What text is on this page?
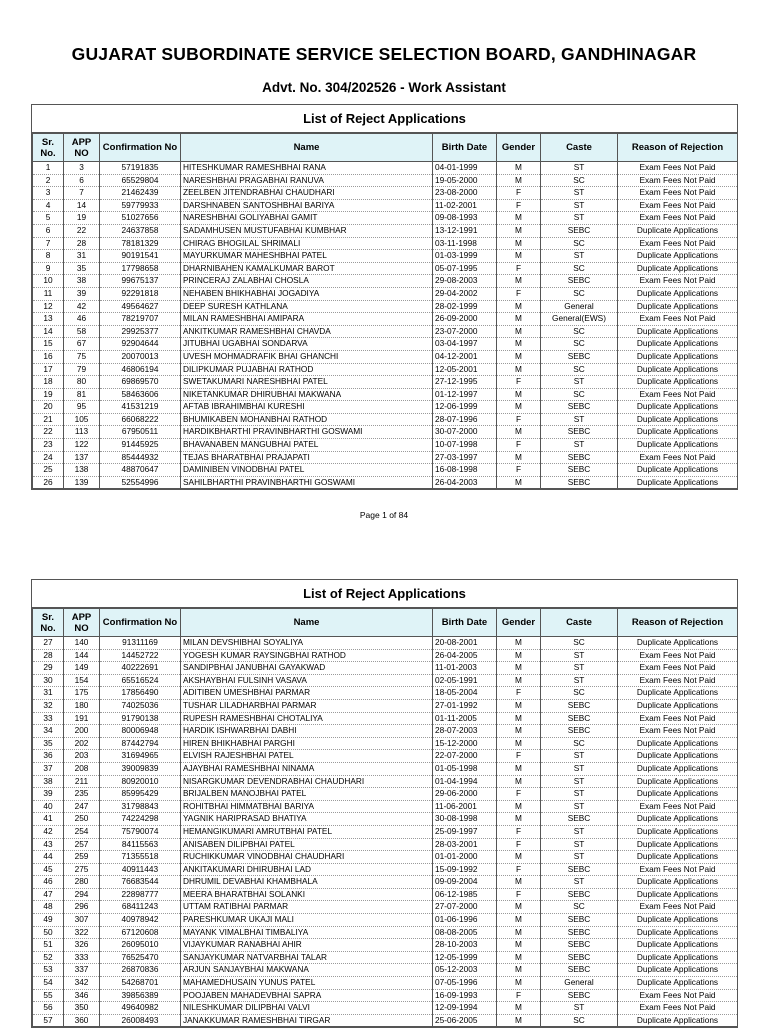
GUJARAT SUBORDINATE SERVICE SELECTION BOARD, GANDHINAGAR
Advt. No. 304/202526 - Work Assistant
List of Reject Applications
Sr. No.	APP NO	Confirmation No	Name	Birth Date	Gender	Caste	Reason of Rejection
1	3	57191835	HITESHKUMAR RAMESHBHAI RANA	04-01-1999	M	ST	Exam Fees Not Paid
2	6	65529804	NARESHBHAI PRAGABHAI RANUVA	19-05-2000	M	SC	Exam Fees Not Paid
3	7	21462439	ZEELBEN JITENDRABHAI CHAUDHARI	23-08-2000	F	ST	Exam Fees Not Paid
4	14	59779933	DARSHNABEN SANTOSHBHAI BARIYA	11-02-2001	F	ST	Exam Fees Not Paid
5	19	51027656	NARESHBHAI GOLIYABHAI GAMIT	09-08-1993	M	ST	Exam Fees Not Paid
6	22	24637858	SADAMHUSEN MUSTUFABHAI KUMBHAR	13-12-1991	M	SEBC	Duplicate Applications
7	28	78181329	CHIRAG BHOGILAL SHRIMALI	03-11-1998	M	SC	Exam Fees Not Paid
8	31	90191541	MAYURKUMAR MAHESHBHAI PATEL	01-03-1999	M	ST	Duplicate Applications
9	35	17798658	DHARNIBAHEN KAMALKUMAR BAROT	05-07-1995	F	SC	Duplicate Applications
10	38	99675137	PRINCERAJ ZALABHAI CHOSLA	29-08-2003	M	SEBC	Exam Fees Not Paid
11	39	92291818	NEHABEN BHIKHABHAI JOGADIYA	29-04-2002	F	SC	Duplicate Applications
12	42	49564627	DEEP SURESH KATHLANA	28-02-1999	M	General	Duplicate Applications
13	46	78219707	MILAN RAMESHBHAI AMIPARA	26-09-2000	M	General(EWS)	Exam Fees Not Paid
14	58	29925377	ANKITKUMAR RAMESHBHAI CHAVDA	23-07-2000	M	SC	Duplicate Applications
15	67	92904644	JITUBHAI UGABHAI SONDARVA	03-04-1997	M	SC	Duplicate Applications
16	75	20070013	UVESH MOHMADRAFIK BHAI GHANCHI	04-12-2001	M	SEBC	Duplicate Applications
17	79	46806194	DILIPKUMAR PUJABHAI RATHOD	12-05-2001	M	SC	Duplicate Applications
18	80	69869570	SWETAKUMARI NARESHBHAI PATEL	27-12-1995	F	ST	Duplicate Applications
19	81	58463606	NIKETANKUMAR DHIRUBHAI MAKWANA	01-12-1997	M	SC	Exam Fees Not Paid
20	95	41531219	AFTAB IBRAHIMBHAI KURESHI	12-06-1999	M	SEBC	Duplicate Applications
21	105	66068222	BHUMIKABEN MOHANBHAI RATHOD	28-07-1996	F	ST	Duplicate Applications
22	113	67950511	HARDIKBHARTHI PRAVINBHARTHI GOSWAMI	30-07-2000	M	SEBC	Duplicate Applications
23	122	91445925	BHAVANABEN MANGUBHAI PATEL	10-07-1998	F	ST	Duplicate Applications
24	137	85444932	TEJAS BHARATBHAI PRAJAPATI	27-03-1997	M	SEBC	Exam Fees Not Paid
25	138	48870647	DAMINIBEN VINODBHAI PATEL	16-08-1998	F	SEBC	Duplicate Applications
26	139	52554996	SAHILBHARTHI PRAVINBHARTHI GOSWAMI	26-04-2003	M	SEBC	Duplicate Applications
Page 1 of 84
List of Reject Applications
Sr. No.	APP NO	Confirmation No	Name	Birth Date	Gender	Caste	Reason of Rejection
27	140	91311169	MILAN DEVSHIBHAI SOYALIYA	20-08-2001	M	SC	Duplicate Applications
28	144	14452722	YOGESH KUMAR RAYSINGBHAI RATHOD	26-04-2005	M	ST	Exam Fees Not Paid
29	149	40222691	SANDIPBHAI JANUBHAI GAYAKWAD	11-01-2003	M	ST	Exam Fees Not Paid
30	154	65516524	AKSHAYBHAI FULSINH VASAVA	02-05-1991	M	ST	Exam Fees Not Paid
31	175	17856490	ADITIBEN UMESHBHAI PARMAR	18-05-2004	F	SC	Duplicate Applications
32	180	74025036	TUSHAR LILADHARBHAI PARMAR	27-01-1992	M	SEBC	Duplicate Applications
33	191	91790138	RUPESH RAMESHBHAI CHOTALIYA	01-11-2005	M	SEBC	Exam Fees Not Paid
34	200	80006948	HARDIK ISHWARBHAI DABHI	28-07-2003	M	SEBC	Exam Fees Not Paid
35	202	87442794	HIREN BHIKHABHAI PARGHI	15-12-2000	M	SC	Duplicate Applications
36	203	31694965	ELVISH RAJESHBHAI PATEL	22-07-2000	F	ST	Duplicate Applications
37	208	39009839	AJAYBHAI RAMESHBHAI NINAMA	01-05-1998	M	ST	Duplicate Applications
38	211	80920010	NISARGKUMAR DEVENDRABHAI CHAUDHARI	01-04-1994	M	ST	Duplicate Applications
39	235	85995429	BRIJALBEN MANOJBHAI PATEL	29-06-2000	F	ST	Duplicate Applications
40	247	31798843	ROHITBHAI HIMMATBHAI BARIYA	11-06-2001	M	ST	Exam Fees Not Paid
41	250	74224298	YAGNIK HARIPRASAD BHATIYA	30-08-1998	M	SEBC	Duplicate Applications
42	254	75790074	HEMANGIKUMARI AMRUTBHAI PATEL	25-09-1997	F	ST	Duplicate Applications
43	257	84115563	ANISABEN DILIPBHAI PATEL	28-03-2001	F	ST	Duplicate Applications
44	259	71355518	RUCHIKKUMAR VINODBHAI CHAUDHARI	01-01-2000	M	ST	Duplicate Applications
45	275	40911443	ANKITAKUMARI DHIRUBHAI LAD	15-09-1992	F	SEBC	Exam Fees Not Paid
46	280	76683544	DHRUMIL DEVABHAI KHAMBHALA	09-09-2004	M	ST	Duplicate Applications
47	294	22898777	MEERA BHARATBHAI SOLANKI	06-12-1985	F	SEBC	Duplicate Applications
48	296	68411243	UTTAM RATIBHAI PARMAR	27-07-2000	M	SC	Exam Fees Not Paid
49	307	40978942	PARESHKUMAR UKAJI MALI	01-06-1996	M	SEBC	Duplicate Applications
50	322	67120608	MAYANK VIMALBHAI TIMBALIYA	08-08-2005	M	SEBC	Duplicate Applications
51	326	26095010	VIJAYKUMAR RANABHAI AHIR	28-10-2003	M	SEBC	Duplicate Applications
52	333	76525470	SANJAYKUMAR NATVARBHAI TALAR	12-05-1999	M	SEBC	Duplicate Applications
53	337	26870836	ARJUN SANJAYBHAI MAKWANA	05-12-2003	M	SEBC	Duplicate Applications
54	342	54268701	MAHAMEDHUSAIN YUNUS PATEL	07-05-1996	M	General	Duplicate Applications
55	346	39856389	POOJABEN MAHADEVBHAI SAPRA	16-09-1993	F	SEBC	Exam Fees Not Paid
56	350	49640982	NILESHKUMAR DILIPBHAI VALVI	12-09-1994	M	ST	Exam Fees Not Paid
57	360	26008493	JANAKKUMAR RAMESHBHAI TIRGAR	25-06-2005	M	SC	Duplicate Applications
